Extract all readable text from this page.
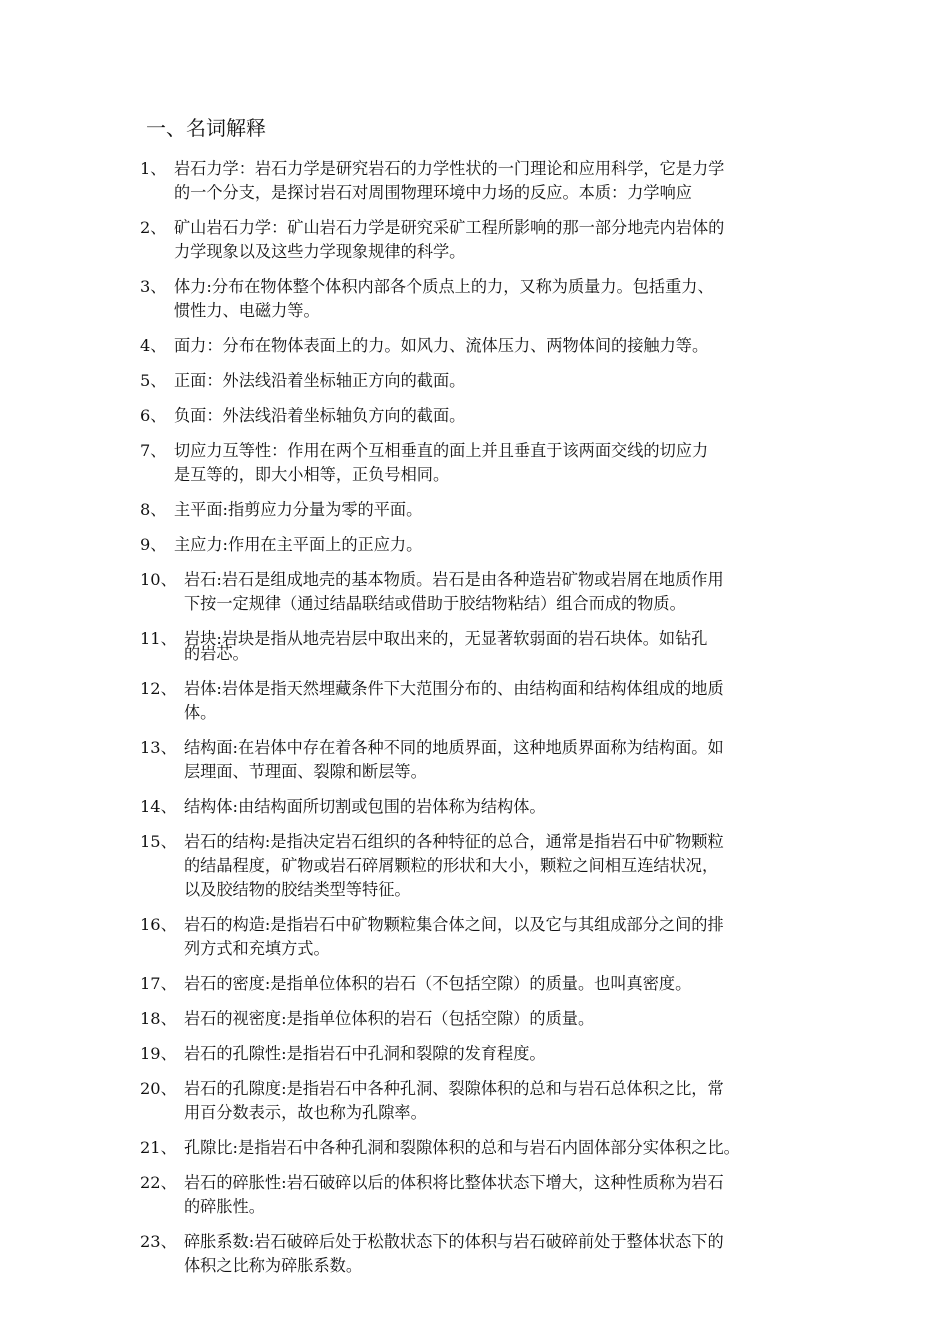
一、名词解释
1、 岩石力学：岩石力学是研究岩石的力学性状的一门理论和应用科学，它是力学
的一个分支，是探讨岩石对周围物理环境中力场的反应。本质：力学响应
2、 矿山岩石力学：矿山岩石力学是研究采矿工程所影响的那一部分地壳内岩体的
力学现象以及这些力学现象规律的科学。
3、 体力:分布在物体整个体积内部各个质点上的力，又称为质量力。包括重力、
惯性力、电磁力等。
4、 面力：分布在物体表面上的力。如风力、流体压力、两物体间的接触力等。
5、 正面：外法线沿着坐标轴正方向的截面。
6、 负面：外法线沿着坐标轴负方向的截面。
7、 切应力互等性：作用在两个互相垂直的面上并且垂直于该两面交线的切应力
是互等的，即大小相等，正负号相同。
8、 主平面:指剪应力分量为零的平面。
9、 主应力:作用在主平面上的正应力。
10、 岩石:岩石是组成地壳的基本物质。岩石是由各种造岩矿物或岩屑在地质作用
下按一定规律（通过结晶联结或借助于胶结物粘结）组合而成的物质。
11、 岩块:岩块是指从地壳岩层中取出来的，无显著软弱面的岩石块体。如钻孔
的岩芯。
12、 岩体:岩体是指天然埋藏条件下大范围分布的、由结构面和结构体组成的地质
体。
13、 结构面:在岩体中存在着各种不同的地质界面，这种地质界面称为结构面。如
层理面、节理面、裂隙和断层等。
14、 结构体:由结构面所切割或包围的岩体称为结构体。
15、 岩石的结构:是指决定岩石组织的各种特征的总合，通常是指岩石中矿物颗粒
的结晶程度，矿物或岩石碎屑颗粒的形状和大小，颗粒之间相互连结状况，
以及胶结物的胶结类型等特征。
16、 岩石的构造:是指岩石中矿物颗粒集合体之间，以及它与其组成部分之间的排
列方式和充填方式。
17、 岩石的密度:是指单位体积的岩石（不包括空隙）的质量。也叫真密度。
18、 岩石的视密度:是指单位体积的岩石（包括空隙）的质量。
19、 岩石的孔隙性:是指岩石中孔洞和裂隙的发育程度。
20、 岩石的孔隙度:是指岩石中各种孔洞、裂隙体积的总和与岩石总体积之比，常
用百分数表示，故也称为孔隙率。
21、 孔隙比:是指岩石中各种孔洞和裂隙体积的总和与岩石内固体部分实体积之比。
22、 岩石的碎胀性:岩石破碎以后的体积将比整体状态下增大，这种性质称为岩石
的碎胀性。
23、 碎胀系数:岩石破碎后处于松散状态下的体积与岩石破碎前处于整体状态下的
体积之比称为碎胀系数。
